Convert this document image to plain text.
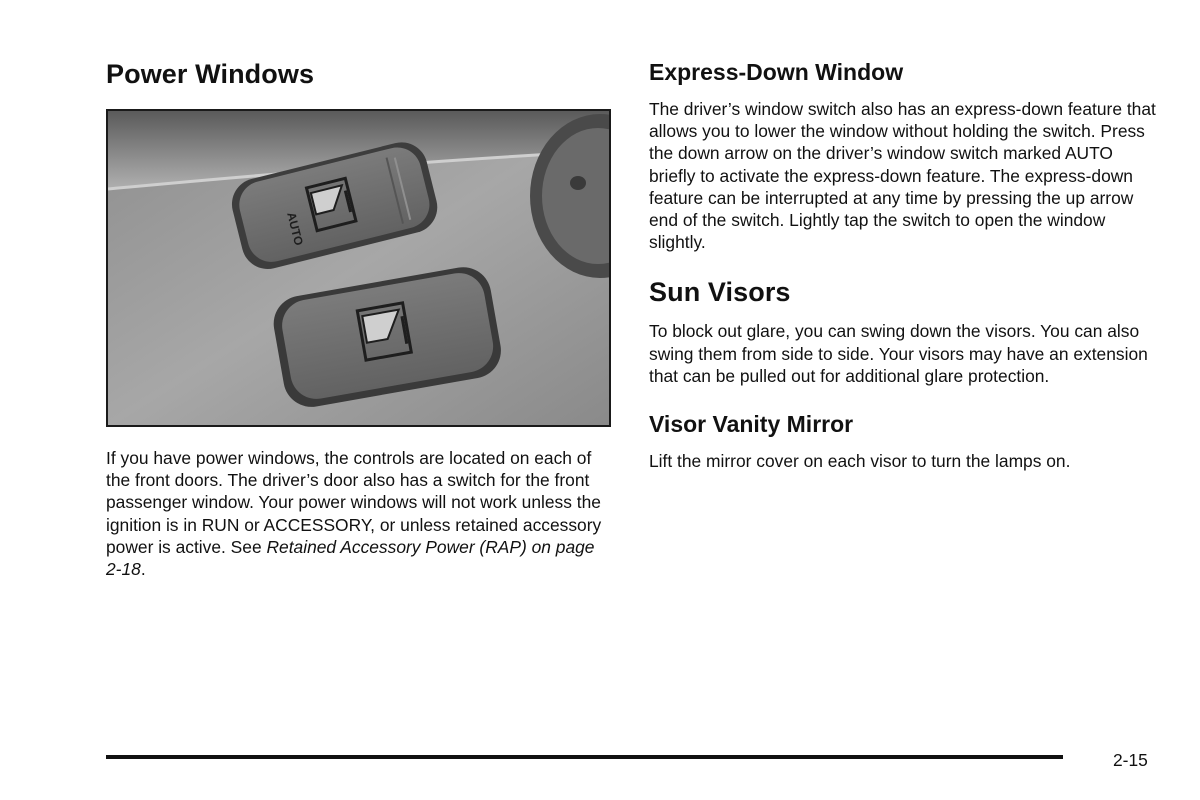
Power Windows
AUTO

If you have power windows, the controls are located on each of the front doors. The driver’s door also has a switch for the front passenger window. Your power windows will not work unless the ignition is in RUN or ACCESSORY, or unless retained accessory power is active. See Retained Accessory Power (RAP) on page 2-18.

Express-Down Window

The driver’s window switch also has an express-down feature that allows you to lower the window without holding the switch. Press the down arrow on the driver’s window switch marked AUTO briefly to activate the express-down feature. The express-down feature can be interrupted at any time by pressing the up arrow end of the switch. Lightly tap the switch to open the window slightly.

Sun Visors

To block out glare, you can swing down the visors. You can also swing them from side to side. Your visors may have an extension that can be pulled out for additional glare protection.

Visor Vanity Mirror

Lift the mirror cover on each visor to turn the lamps on.

2-15
